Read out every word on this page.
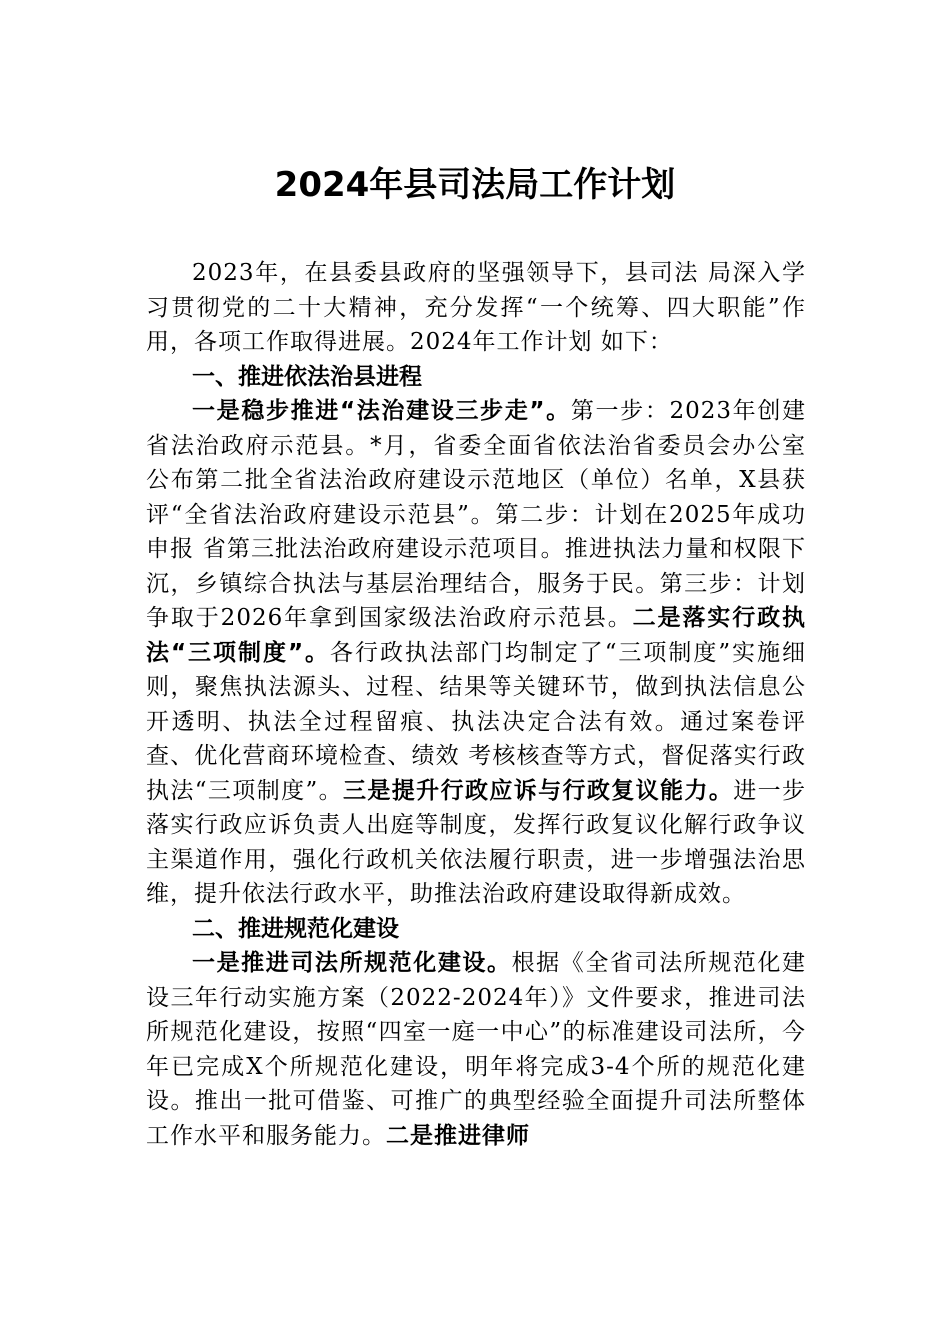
2024年县司法局工作计划

2023年，在县委县政府的坚强领导下，县司法 局深入学习贯彻党的二十大精神，充分发挥“一个统筹、四大职能”作用，各项工作取得进展。2024年工作计划 如下：

一、推进依法治县进程

一是稳步推进“法治建设三步走”。第一步：2023年创建 省法治政府示范县。*月，省委全面省依法治省委员会办公室公布第二批全省法治政府建设示范地区（单位）名单，X县获评“全省法治政府建设示范县”。第二步：计划在2025年成功申报 省第三批法治政府建设示范项目。推进执法力量和权限下沉，乡镇综合执法与基层治理结合，服务于民。第三步：计划争取于2026年拿到国家级法治政府示范县。二是落实行政执法“三项制度”。各行政执法部门均制定了“三项制度”实施细则，聚焦执法源头、过程、结果等关键环节，做到执法信息公开透明、执法全过程留痕、执法决定合法有效。通过案卷评查、优化营商环境检查、绩效 考核核查等方式，督促落实行政执法“三项制度”。三是提升行政应诉与行政复议能力。进一步落实行政应诉负责人出庭等制度，发挥行政复议化解行政争议主渠道作用，强化行政机关依法履行职责，进一步增强法治思维，提升依法行政水平，助推法治政府建设取得新成效。

二、推进规范化建设

一是推进司法所规范化建设。根据《全省司法所规范化建设三年行动实施方案（2022-2024年）》文件要求，推进司法所规范化建设，按照“四室一庭一中心”的标准建设司法所，今年已完成X个所规范化建设，明年将完成3-4个所的规范化建设。推出一批可借鉴、可推广的典型经验全面提升司法所整体工作水平和服务能力。二是推进律师
